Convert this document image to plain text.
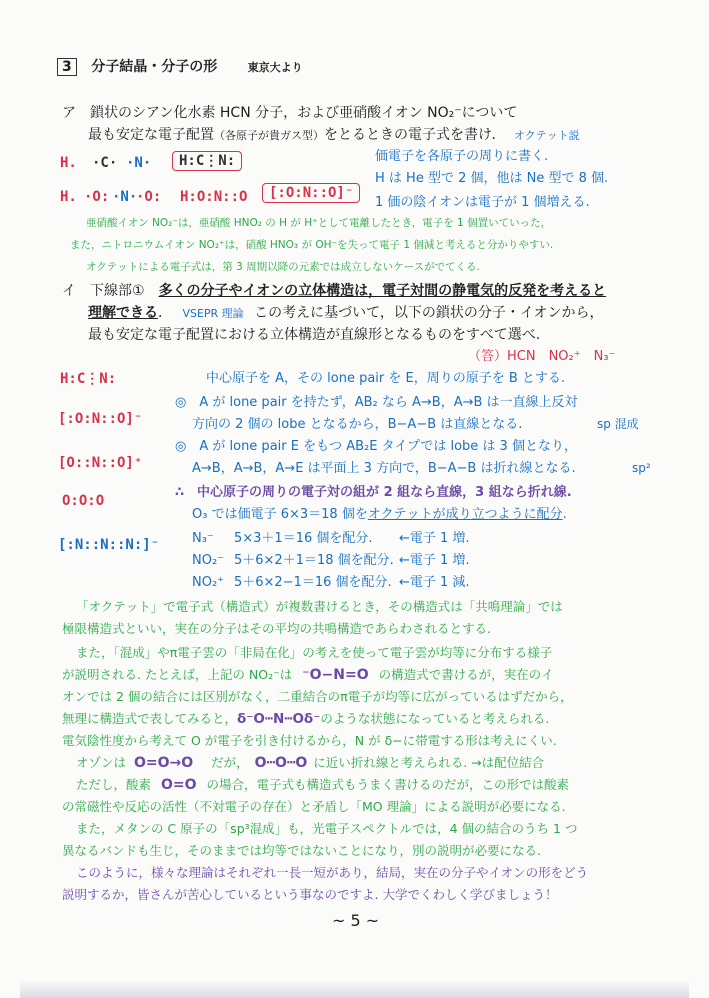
3 分子結晶・分子の形	東京大より
ア　鎖状のシアン化水素 HCN 分子，および亜硝酸イオン NO₂⁻について
最も安定な電子配置（各原子が貴ガス型）をとるときの電子式を書け． オクテット説
H. ·C· ·N·	H:C⋮N:
H. ·O: ·N·
·O: H:O:N::O	[:O:N::O]⁻
価電子を各原子の周りに書く.
H は He 型で 2 個，他は Ne 型で 8 個.
1 価の陰イオンは電子が 1 個増える.
亜硝酸イオン NO₂⁻は，亜硝酸 HNO₂ の H が H⁺として電離したとき，電子を 1 個置いていった，
また，ニトロニウムイオン NO₂⁺は，硝酸 HNO₃ が OH⁻を失って電子 1 個減と考えると分かりやすい.
オクテットによる電子式は，第 3 周期以降の元素では成立しないケースがでてくる.
イ　下線部①　多くの分子やイオンの立体構造は，電子対間の静電気的反発を考えると
理解できる． VSEPR 理論 この考えに基づいて，以下の鎖状の分子・イオンから，
最も安定な電子配置における立体構造が直線形となるものをすべて選べ.
（答）HCN　NO₂⁺　N₃⁻
H:C⋮N:
[:O:N::O]⁻
[O::N::O]⁺
O:O:O
[:N::N::N:]⁻
中心原子を A，その lone pair を E，周りの原子を B とする.
◎　A が lone pair を持たず，AB₂ なら A→B，A→B は一直線上反対
方向の 2 個の lobe となるから，B−A−B は直線となる.	sp 混成
◎　A が lone pair E をもつ AB₂E タイプでは lobe は 3 個となり，
A→B，A→B，A→E は平面上 3 方向で，B−A−B は折れ線となる.	sp²
∴　中心原子の周りの電子対の組が 2 組なら直線，3 組なら折れ線.
O₃ では価電子 6×3＝18 個をオクテットが成り立つように配分.
N₃⁻ 5×3＋1＝16 個を配分. ←電子 1 増.
NO₂⁻ 5＋6×2＋1＝18 個を配分. ←電子 1 増.
NO₂⁺ 5＋6×2−1＝16 個を配分. ←電子 1 減.
「オクテット」で電子式（構造式）が複数書けるとき，その構造式は「共鳴理論」では
極限構造式といい，実在の分子はその平均の共鳴構造であらわされるとする.
また，「混成」やπ電子雲の「非局在化」の考えを使って電子雲が均等に分布する様子
が説明される. たとえば，上記の NO₂⁻は ⁻O−N=O の構造式で書けるが，実在のイ
オンでは 2 個の結合には区別がなく，二重結合のπ電子が均等に広がっているはずだから，
無理に構造式で表してみると，δ⁻O┅N┅Oδ⁻のような状態になっていると考えられる.
電気陰性度から考えて O が電子を引き付けるから，N が δ−に帯電する形は考えにくい.
オゾンは O=O→O だが， O┅O┅O に近い折れ線と考えられる. →は配位結合
ただし，酸素 O=O の場合，電子式も構造式もうまく書けるのだが，この形では酸素
の常磁性や反応の活性（不対電子の存在）と矛盾し「MO 理論」による説明が必要になる.
また，メタンの C 原子の「sp³混成」も，光電子スペクトルでは，4 個の結合のうち 1 つ
異なるバンドも生じ，そのままでは均等ではないことになり，別の説明が必要になる.
このように，様々な理論はそれぞれ一長一短があり，結局，実在の分子やイオンの形をどう
説明するか，皆さんが苦心しているという事なのですよ. 大学でくわしく学びましょう！
~ 5 ~
